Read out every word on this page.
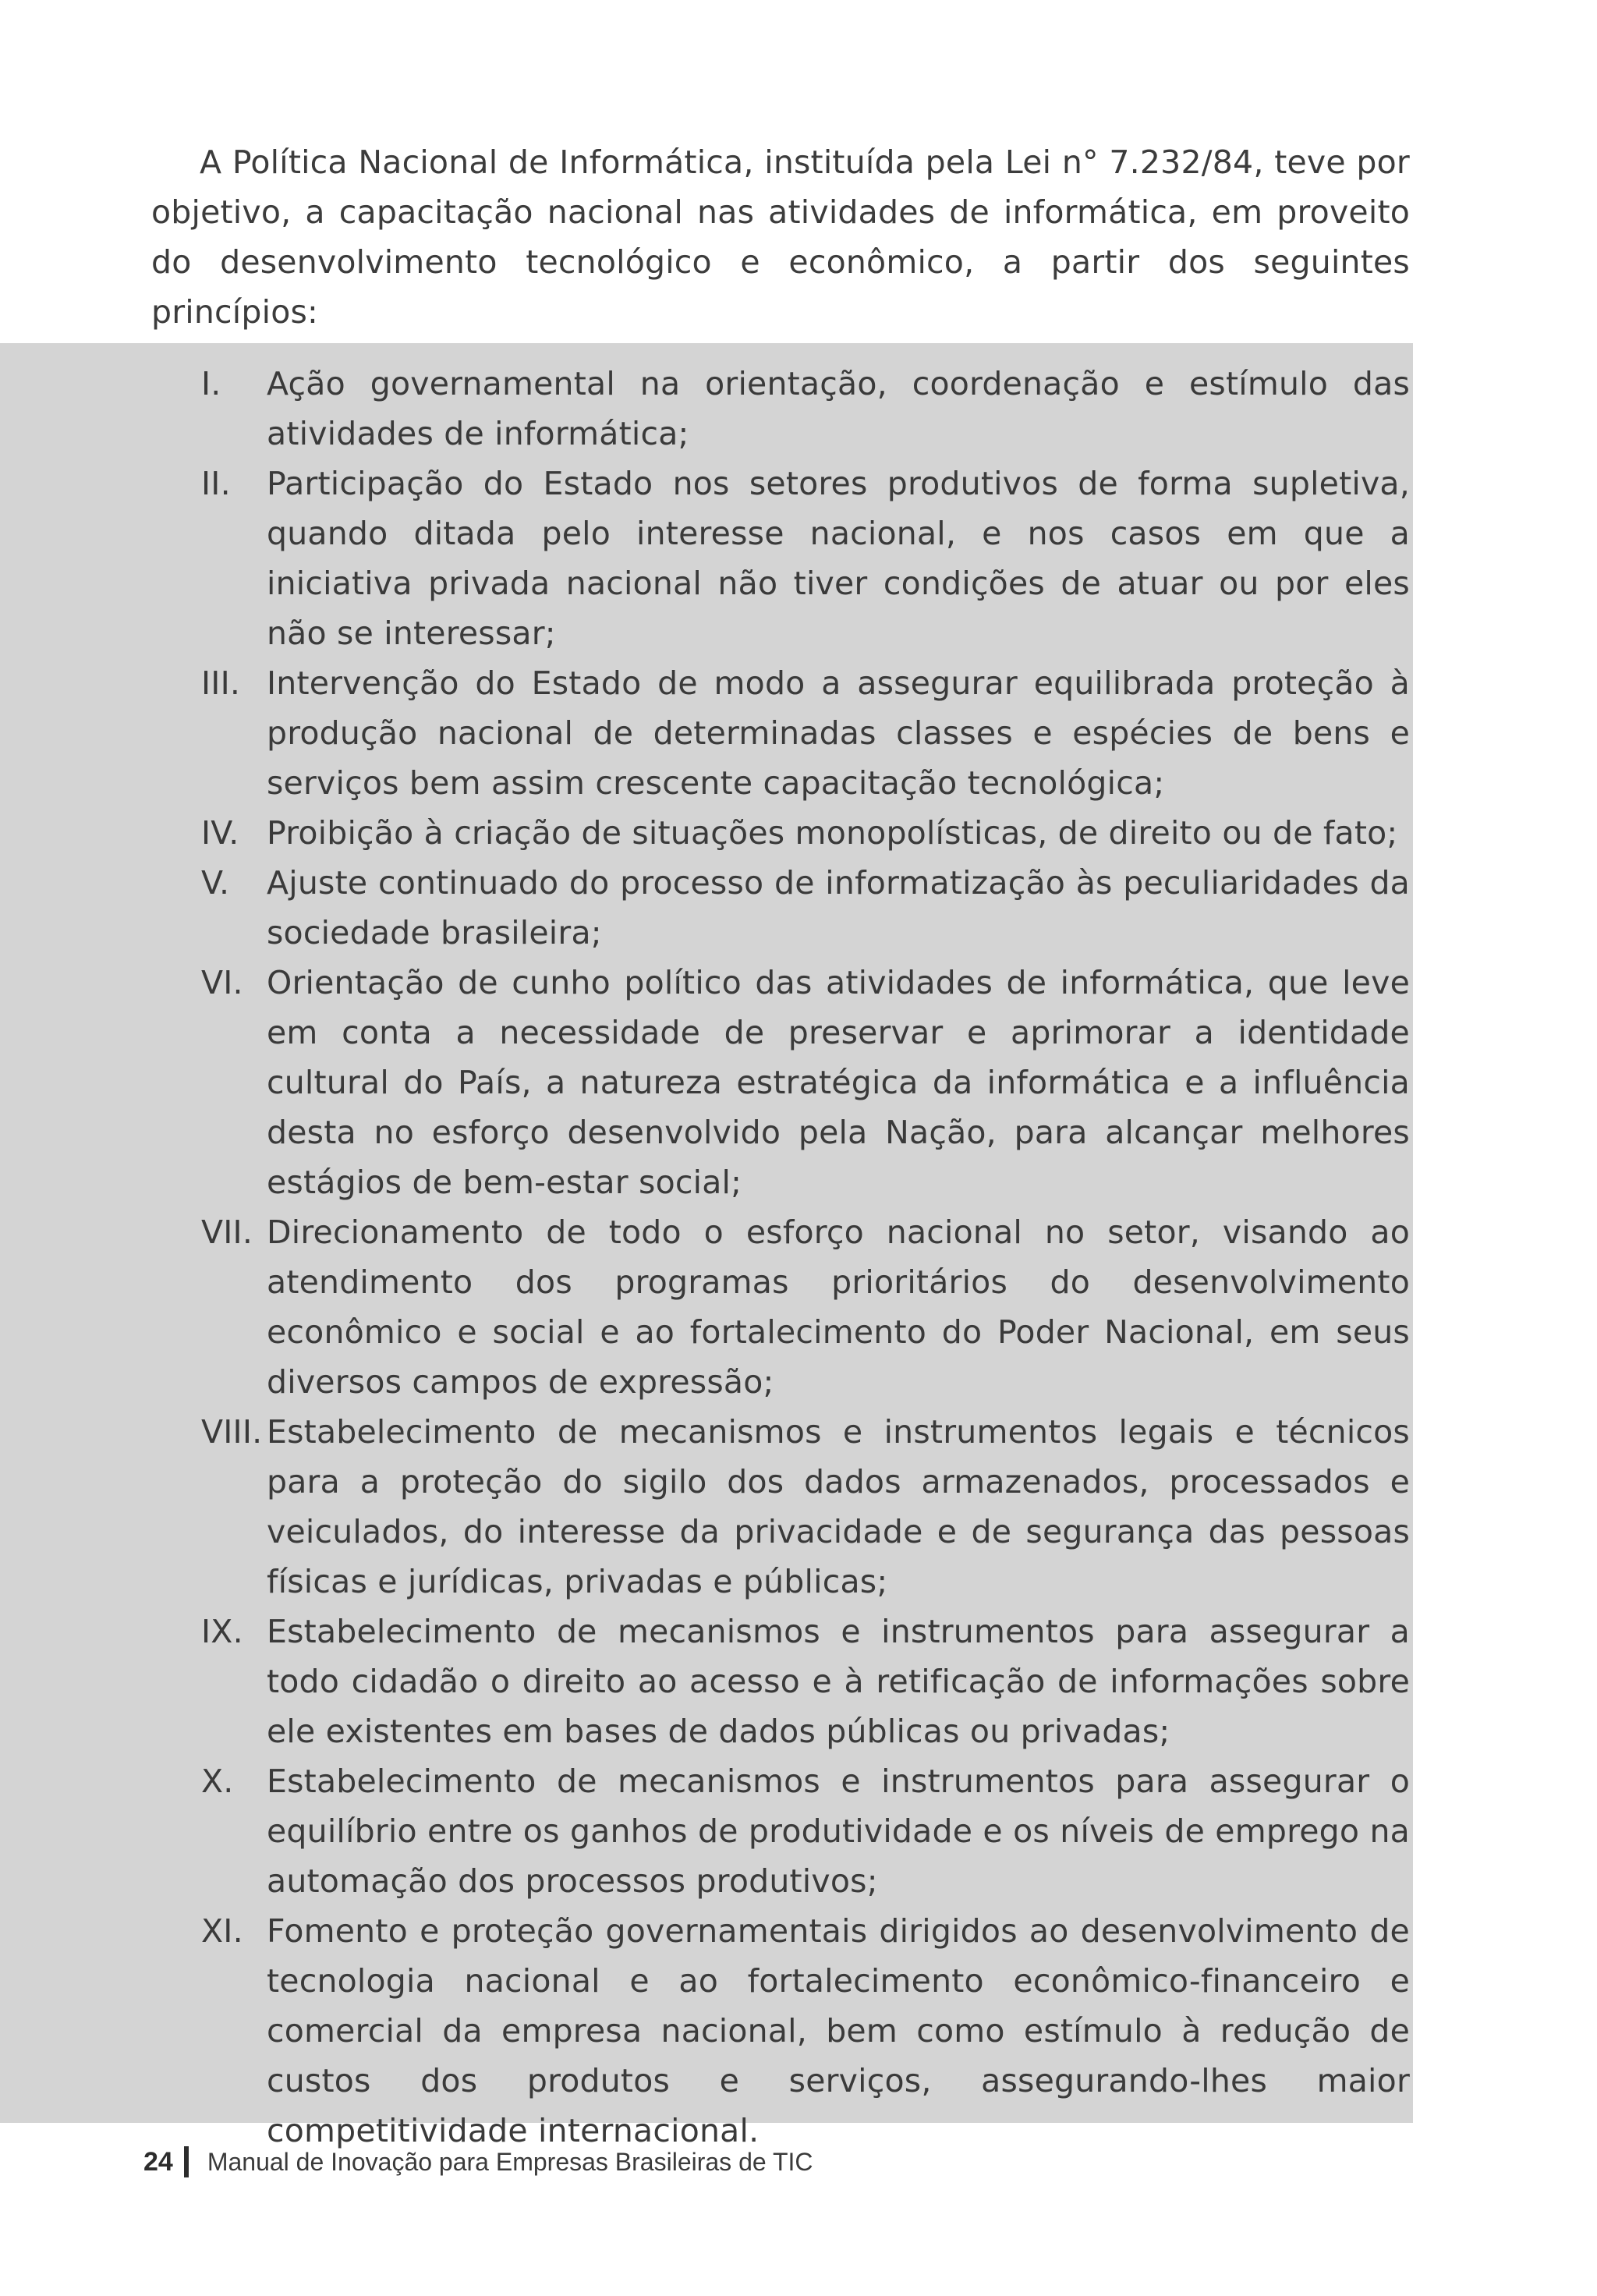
A Política Nacional de Informática, instituída pela Lei n° 7.232/84, teve por objetivo, a capacitação nacional nas atividades de informática, em proveito do desenvolvimento tecnológico e econômico, a partir dos seguintes princípios:

I.	Ação governamental na orientação, coordenação e estímulo das atividades de informática;
II.	Participação do Estado nos setores produtivos de forma supletiva, quando ditada pelo interesse nacional, e nos casos em que a iniciativa privada nacional não tiver condições de atuar ou por eles não se interessar;
III. Intervenção do Estado de modo a assegurar equilibrada proteção à produção nacional de determinadas classes e espécies de bens e serviços bem assim crescente capacitação tecnológica;
IV. Proibição à criação de situações monopolísticas, de direito ou de fato;
V.	Ajuste continuado do processo de informatização às peculiaridades da sociedade brasileira;
VI. Orientação de cunho político das atividades de informática, que leve em conta a necessidade de preservar e aprimorar a identidade cultural do País, a natureza estratégica da informática e a influência desta no esforço desenvolvido pela Nação, para alcançar melhores estágios de bem-estar social;
VII. Direcionamento de todo o esforço nacional no setor, visando ao atendimento dos programas prioritários do desenvolvimento econômico e social e ao fortalecimento do Poder Nacional, em seus diversos campos de expressão;
VIII. Estabelecimento de mecanismos e instrumentos legais e técnicos para a proteção do sigilo dos dados armazenados, processados e veiculados, do interesse da privacidade e de segurança das pessoas físicas e jurídicas, privadas e públicas;
IX. Estabelecimento de mecanismos e instrumentos para assegurar a todo cidadão o direito ao acesso e à retificação de informações sobre ele existentes em bases de dados públicas ou privadas;
X.	Estabelecimento de mecanismos e instrumentos para assegurar o equilíbrio entre os ganhos de produtividade e os níveis de emprego na automação dos processos produtivos;
XI. Fomento e proteção governamentais dirigidos ao desenvolvimento de tecnologia nacional e ao fortalecimento econômico-financeiro e comercial da empresa nacional, bem como estímulo à redução de custos dos produtos e serviços, assegurando-lhes maior competitividade internacional.
24 Manual de Inovação para Empresas Brasileiras de TIC
